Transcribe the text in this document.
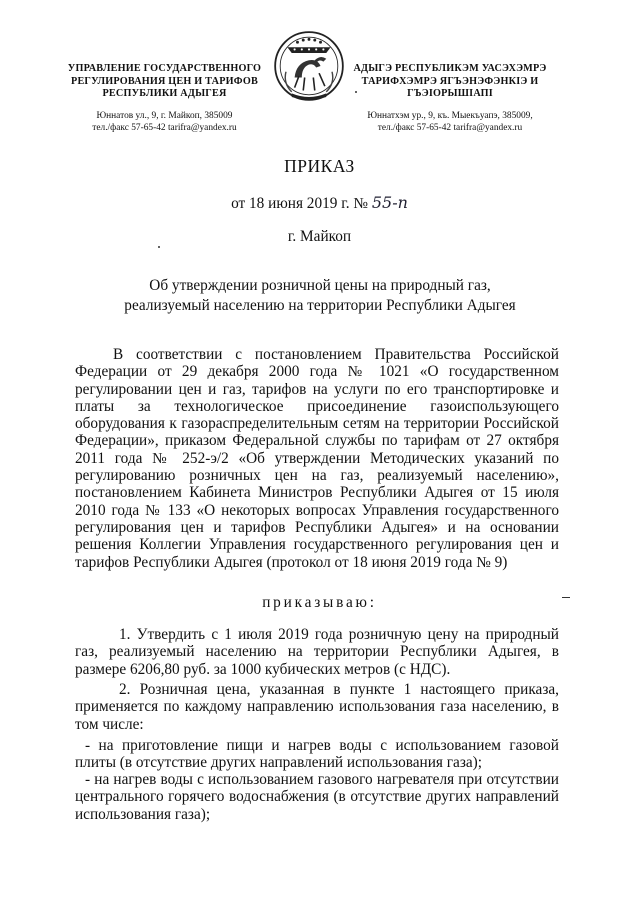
УПРАВЛЕНИЕ ГОСУДАРСТВЕННОГО
РЕГУЛИРОВАНИЯ ЦЕН И ТАРИФОВ
РЕСПУБЛИКИ АДЫГЕЯ
Юннатов ул., 9, г. Майкоп, 385009
тел./факс 57-65-42 tarifra@yandex.ru
АДЫГЭ РЕСПУБЛИКЭМ УАСЭХЭМРЭ
ТАРИФХЭМРЭ ЯГЪЭНЭФЭНКІЭ И
ГЪЭІОРЫШІАПІ
Юннатхэм ур., 9, къ. Мыекъуапэ, 385009,
тел./факс 57-65-42 tarifra@yandex.ru
ПРИКАЗ
от 18 июня 2019 г. № 55-п
г. Майкоп
Об утверждении розничной цены на природный газ,
реализуемый населению на территории Республики Адыгея
В соответствии с постановлением Правительства Российской Федерации от 29 декабря 2000 года № 1021 «О государственном регулировании цен и газ, тарифов на услуги по его транспортировке и платы за технологическое присоединение газоиспользующего оборудования к газораспределительным сетям на территории Российской Федерации», приказом Федеральной службы по тарифам от 27 октября 2011 года № 252-э/2 «Об утверждении Методических указаний по регулированию розничных цен на газ, реализуемый населению», постановлением Кабинета Министров Республики Адыгея от 15 июля 2010 года № 133 «О некоторых вопросах Управления государственного регулирования цен и тарифов Республики Адыгея» и на основании решения Коллегии Управления государственного регулирования цен и тарифов Республики Адыгея (протокол от 18 июня 2019 года № 9)
приказываю:
1. Утвердить с 1 июля 2019 года розничную цену на природный газ, реализуемый населению на территории Республики Адыгея, в размере 6206,80 руб. за 1000 кубических метров (с НДС).
2. Розничная цена, указанная в пункте 1 настоящего приказа, применяется по каждому направлению использования газа населению, в том числе:
- на приготовление пищи и нагрев воды с использованием газовой плиты (в отсутствие других направлений использования газа);
- на нагрев воды с использованием газового нагревателя при отсутствии центрального горячего водоснабжения (в отсутствие других направлений использования газа);
